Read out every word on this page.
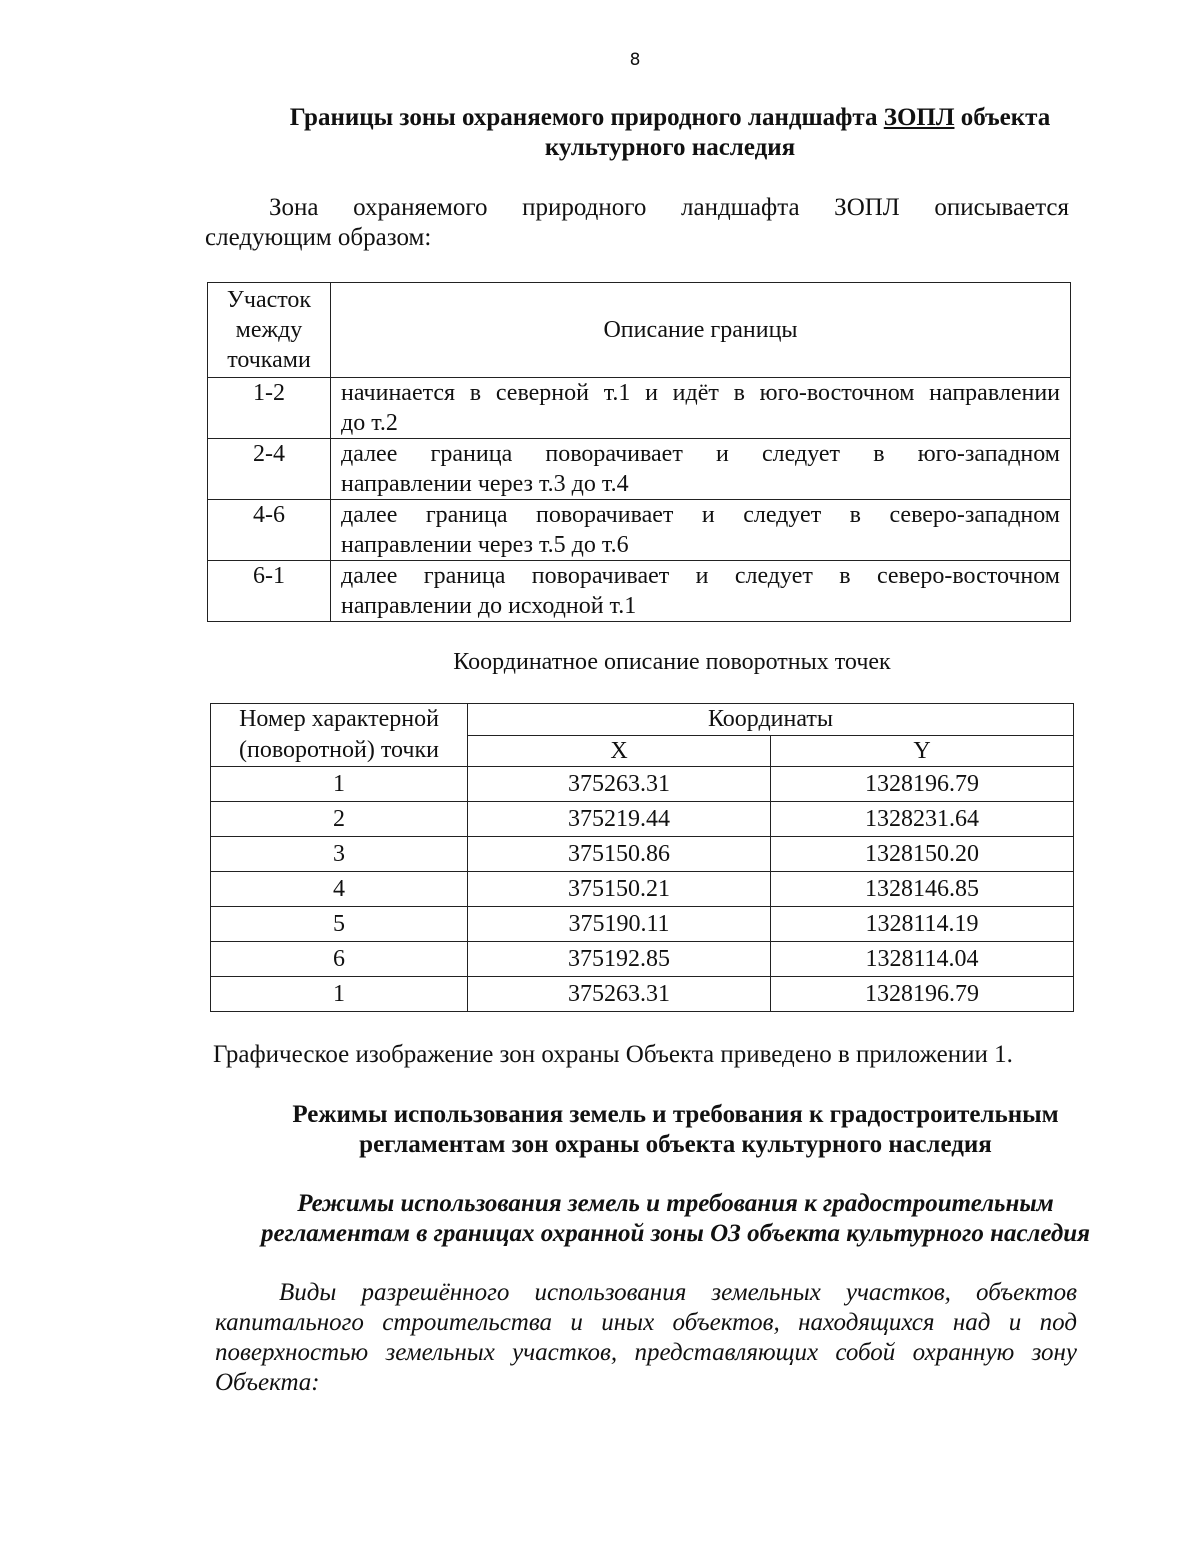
8
Границы зоны охраняемого природного ландшафта ЗОПЛ объекта
культурного наследия
Зона охраняемого природного ландшафта ЗОПЛ описывается
следующим образом:
Участок
между
точками	Описание границы
1-2	начинается в северной т.1 и идёт в юго-восточном направлении
до т.2

2-4	далее граница поворачивает и следует в юго-западном
направлении через т.3 до т.4

4-6	далее граница поворачивает и следует в северо-западном
направлении через т.5 до т.6

6-1	далее граница поворачивает и следует в северо-восточном
направлении до исходной т.1
Координатное описание поворотных точек
Номер характерной
(поворотной) точки	Координаты	
	X	Y
1	375263.31	1328196.79
2	375219.44	1328231.64
3	375150.86	1328150.20
4	375150.21	1328146.85
5	375190.11	1328114.19
6	375192.85	1328114.04
1	375263.31	1328196.79
Графическое изображение зон охраны Объекта приведено в приложении 1.
Режимы использования земель и требования к градостроительным
регламентам зон охраны объекта культурного наследия
Режимы использования земель и требования к градостроительным
регламентам в границах охранной зоны ОЗ объекта культурного наследия
Виды разрешённого использования земельных участков, объектов
капитального строительства и иных объектов, находящихся над и под
поверхностью земельных участков, представляющих собой охранную зону
Объекта:
